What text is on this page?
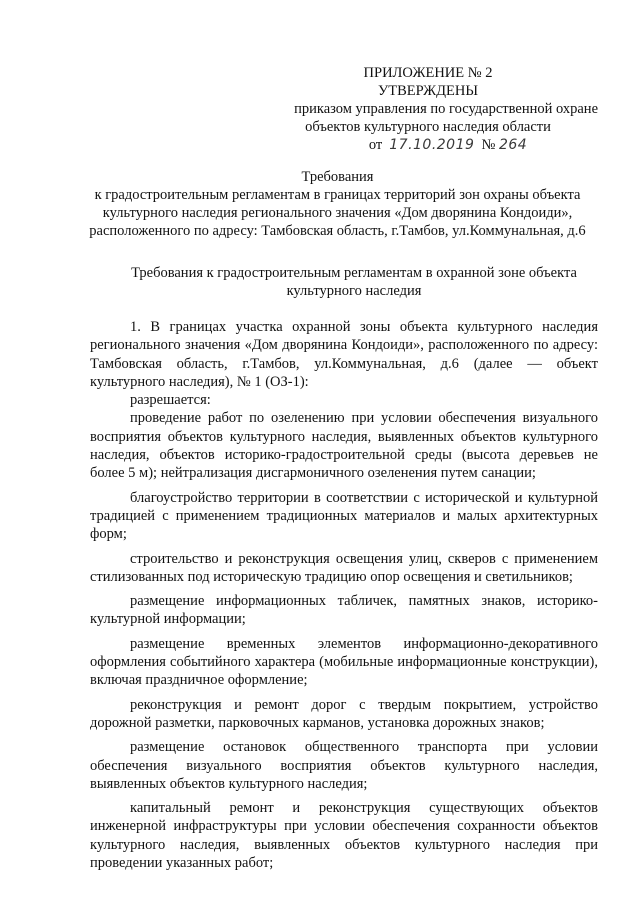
ПРИЛОЖЕНИЕ № 2
УТВЕРЖДЕНЫ
приказом управления по государственной охране
объектов культурного наследия области
от 17.10.2019 № 264

Требования

к градостроительным регламентам в границах территорий зон охраны объекта культурного наследия регионального значения «Дом дворянина Кондоиди», расположенного по адресу: Тамбовская область, г.Тамбов, ул.Коммунальная, д.6

Требования к градостроительным регламентам в охранной зоне объекта культурного наследия

1. В границах участка охранной зоны объекта культурного наследия регионального значения «Дом дворянина Кондоиди», расположенного по адресу: Тамбовская область, г.Тамбов, ул.Коммунальная, д.6 (далее — объект культурного наследия), № 1 (ОЗ-1):

разрешается:

проведение работ по озеленению при условии обеспечения визуального восприятия объектов культурного наследия, выявленных объектов культурного наследия, объектов историко-градостроительной среды (высота деревьев не более 5 м); нейтрализация дисгармоничного озеленения путем санации;

благоустройство территории в соответствии с исторической и культурной традицией с применением традиционных материалов и малых архитектурных форм;

строительство и реконструкция освещения улиц, скверов с применением стилизованных под историческую традицию опор освещения и светильников;

размещение информационных табличек, памятных знаков, историко-культурной информации;

размещение временных элементов информационно-декоративного оформления событийного характера (мобильные информационные конструкции), включая праздничное оформление;

реконструкция и ремонт дорог с твердым покрытием, устройство дорожной разметки, парковочных карманов, установка дорожных знаков;

размещение остановок общественного транспорта при условии обеспечения визуального восприятия объектов культурного наследия, выявленных объектов культурного наследия;

капитальный ремонт и реконструкция существующих объектов инженерной инфраструктуры при условии обеспечения сохранности объектов культурного наследия, выявленных объектов культурного наследия при проведении указанных работ;
